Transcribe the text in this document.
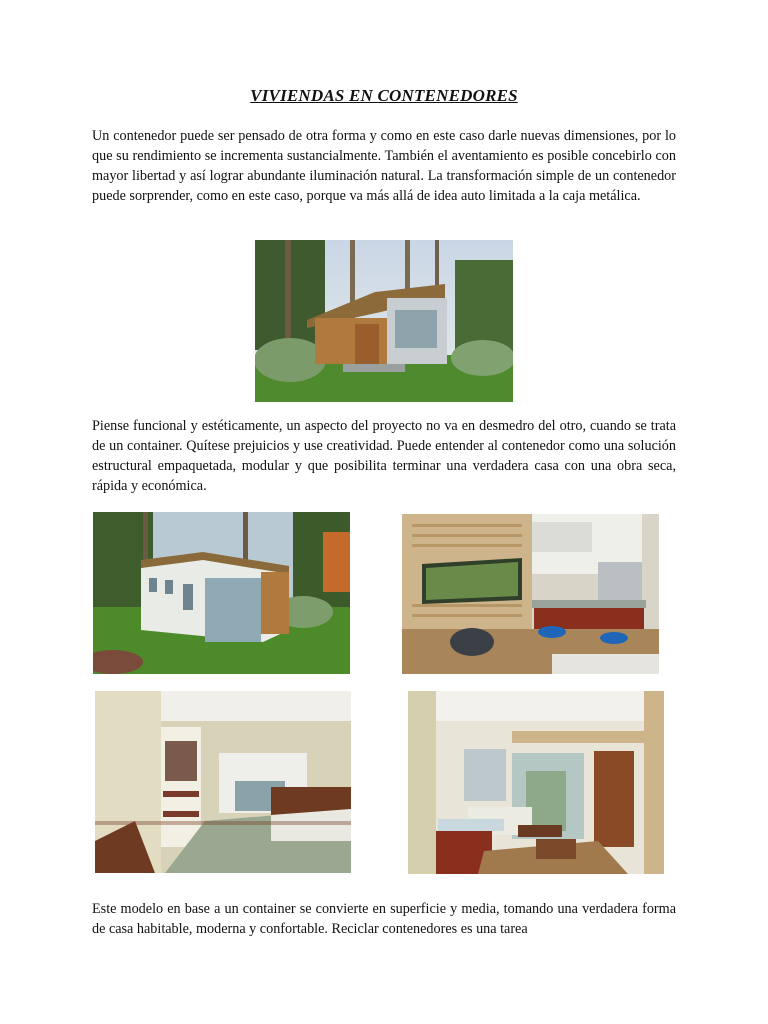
VIVIENDAS EN CONTENEDORES

Un contenedor puede ser pensado de otra forma y como en este caso darle nuevas dimensiones, por lo que su rendimiento se incrementa sustancialmente. También el aventamiento es posible concebirlo con mayor libertad y así lograr abundante iluminación natural. La transformación simple de un contenedor puede sorprender, como en este caso, porque va más allá de idea auto limitada a la caja metálica.

Piense funcional y estéticamente, un aspecto del proyecto no va en desmedro del otro, cuando se trata de un container. Quítese prejuicios y use creatividad. Puede entender al contenedor como una solución estructural empaquetada, modular y que posibilita terminar una verdadera casa con una obra seca, rápida y económica.

Este modelo en base a un container se convierte en superficie y media, tomando una verdadera forma de casa habitable, moderna y confortable. Reciclar contenedores es una tarea
